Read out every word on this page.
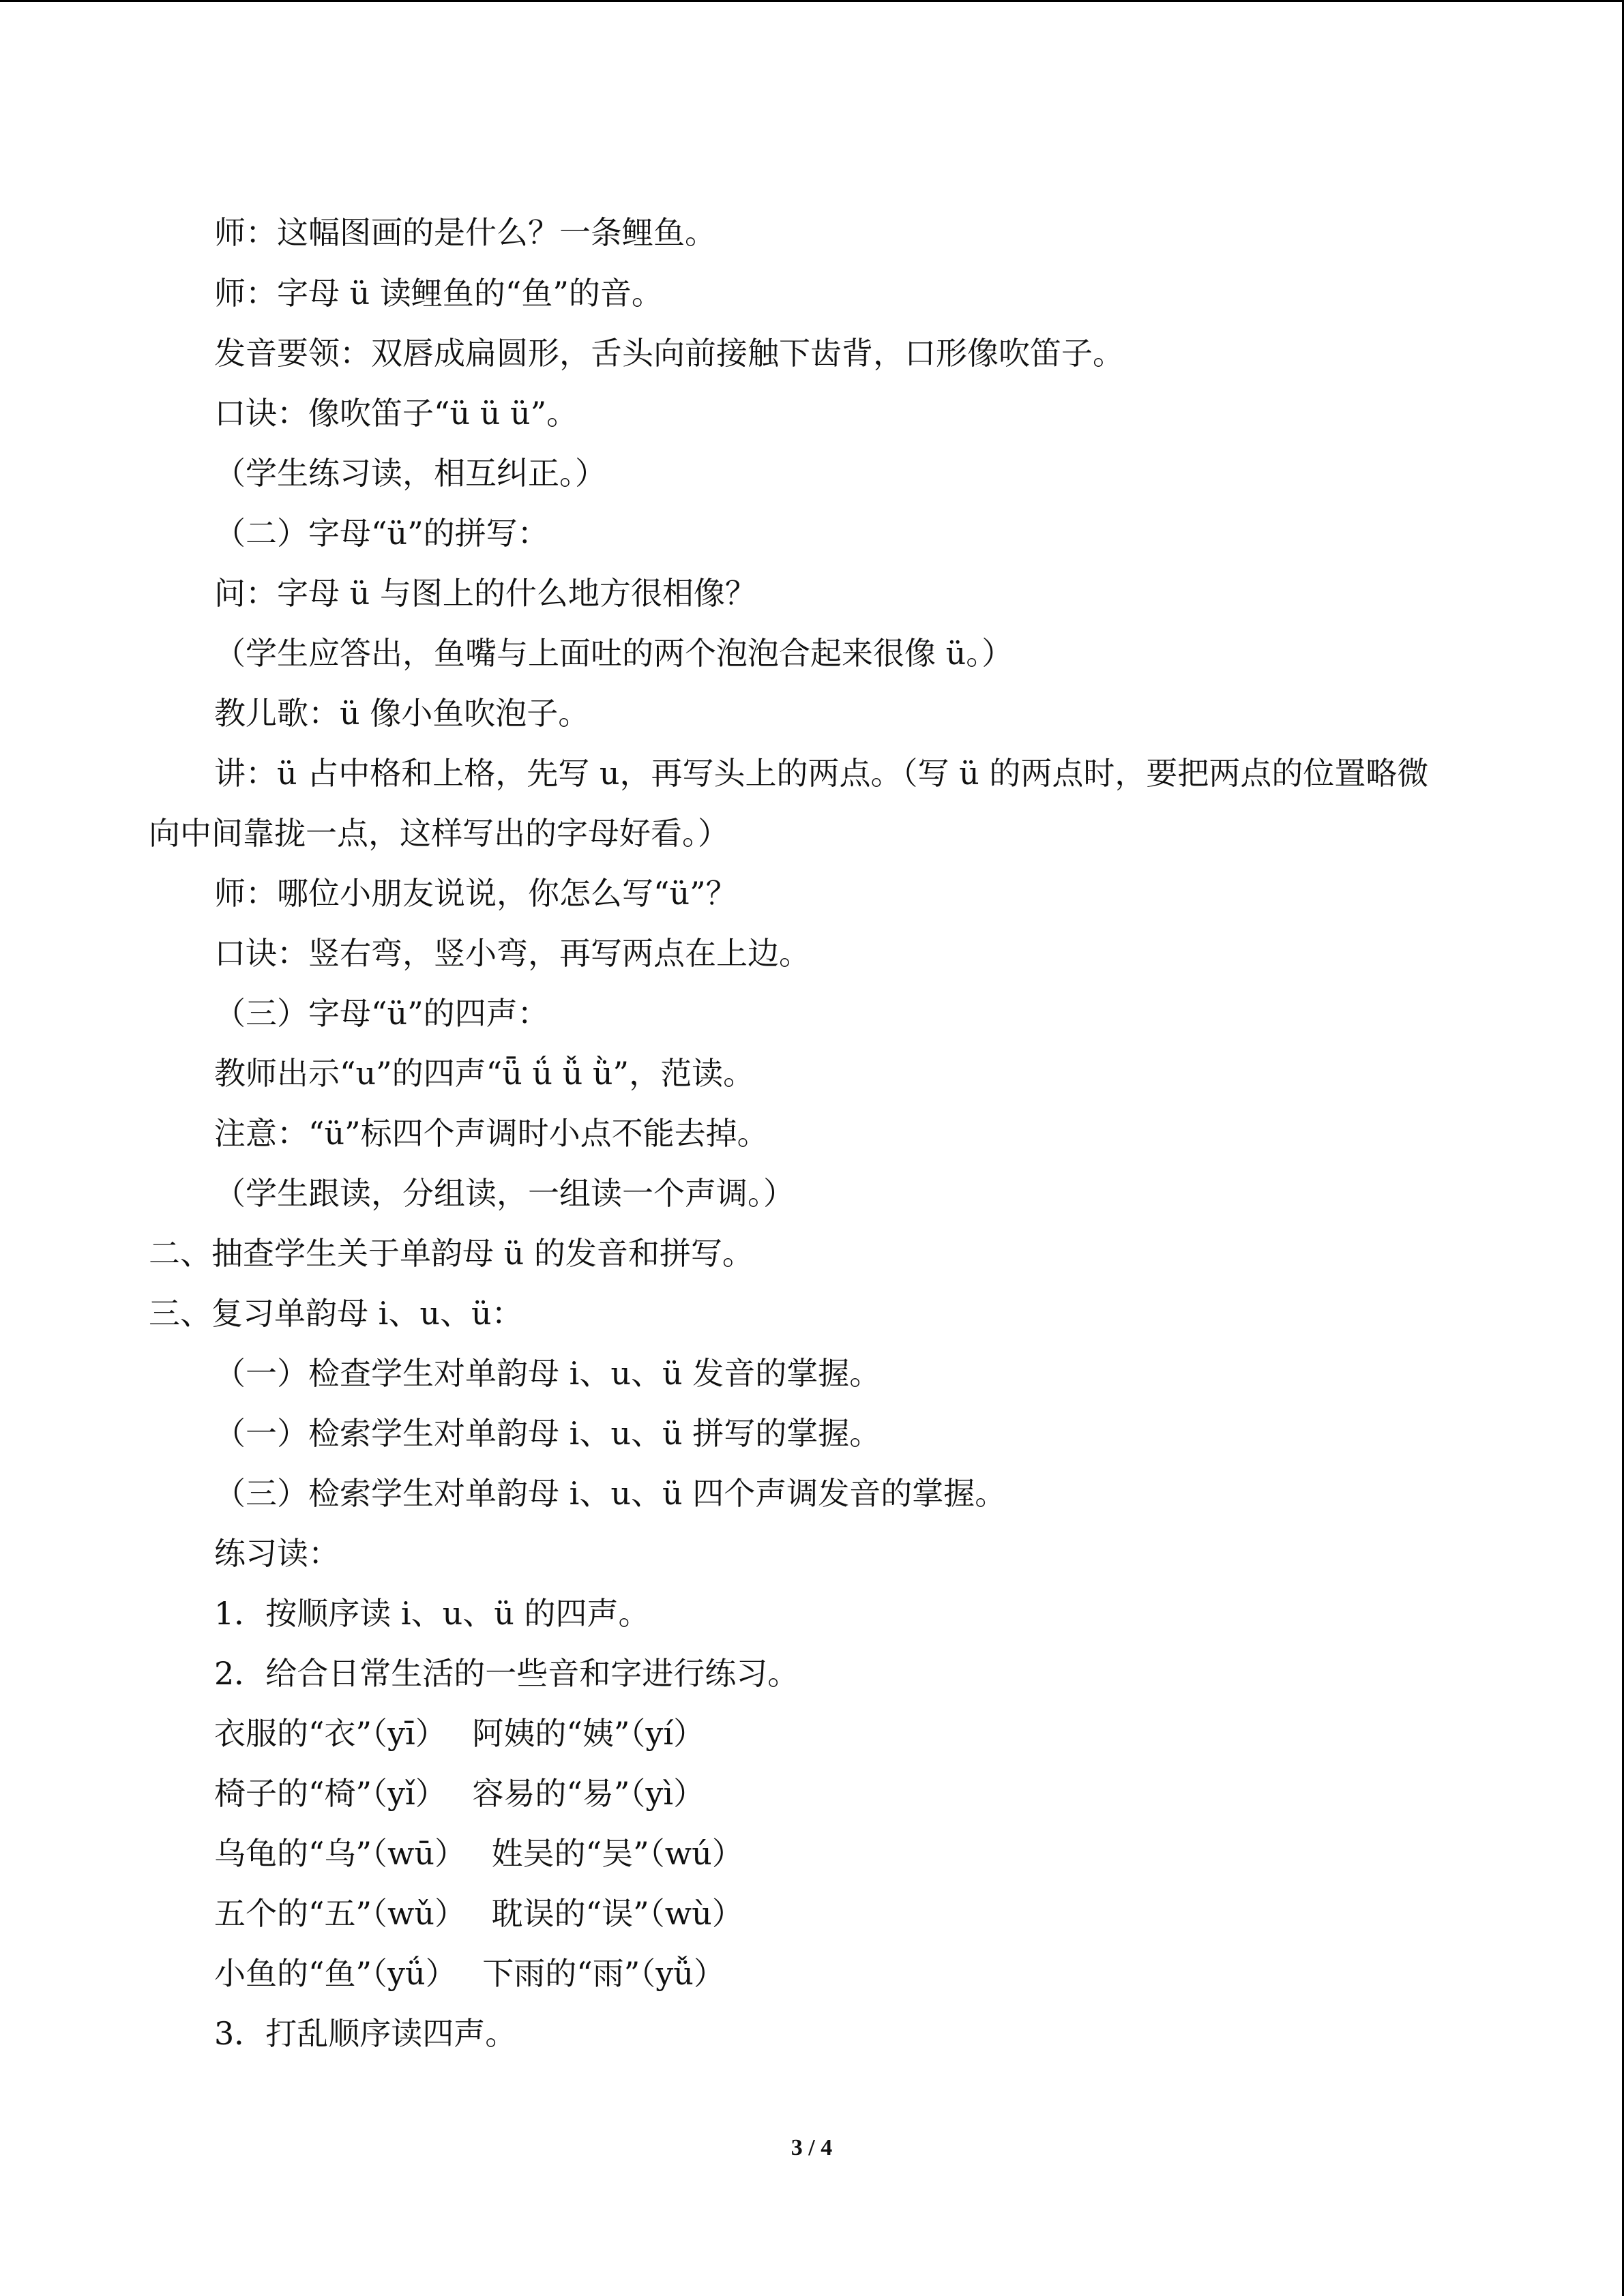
师：这幅图画的是什么？一条鲤鱼。
师：字母 ü 读鲤鱼的“鱼”的音。
发音要领：双唇成扁圆形，舌头向前接触下齿背，口形像吹笛子。
口诀：像吹笛子“ü ü ü”。
（学生练习读，相互纠正。）
（二）字母“ü”的拼写：
问：字母 ü 与图上的什么地方很相像？
（学生应答出，鱼嘴与上面吐的两个泡泡合起来很像 ü。）
教儿歌：ü 像小鱼吹泡子。
讲：ü 占中格和上格，先写 u，再写头上的两点。（写 ü 的两点时，要把两点的位置略微
向中间靠拢一点，这样写出的字母好看。）
师：哪位小朋友说说，你怎么写“ü”？
口诀：竖右弯，竖小弯，再写两点在上边。
（三）字母“ü”的四声：
教师出示“u”的四声“ǖ ǘ ǚ ǜ”，范读。
注意：“ü”标四个声调时小点不能去掉。
（学生跟读，分组读，一组读一个声调。）
二、抽查学生关于单韵母 ü 的发音和拼写。
三、复习单韵母 i、u、ü：
（一）检查学生对单韵母 i、u、ü 发音的掌握。
（一）检索学生对单韵母 i、u、ü 拼写的掌握。
（三）检索学生对单韵母 i、u、ü 四个声调发音的掌握。
练习读：
1．按顺序读 i、u、ü 的四声。
2．给合日常生活的一些音和字进行练习。
衣服的“衣”（yī）　 阿姨的“姨”（yí）
椅子的“椅”（yǐ）　 容易的“易”（yì）
乌龟的“乌”（wū）　 姓吴的“吴”（wú）
五个的“五”（wǔ）　 耽误的“误”（wù）
小鱼的“鱼”（yǘ）　 下雨的“雨”（yǚ）
3．打乱顺序读四声。
3 / 4
